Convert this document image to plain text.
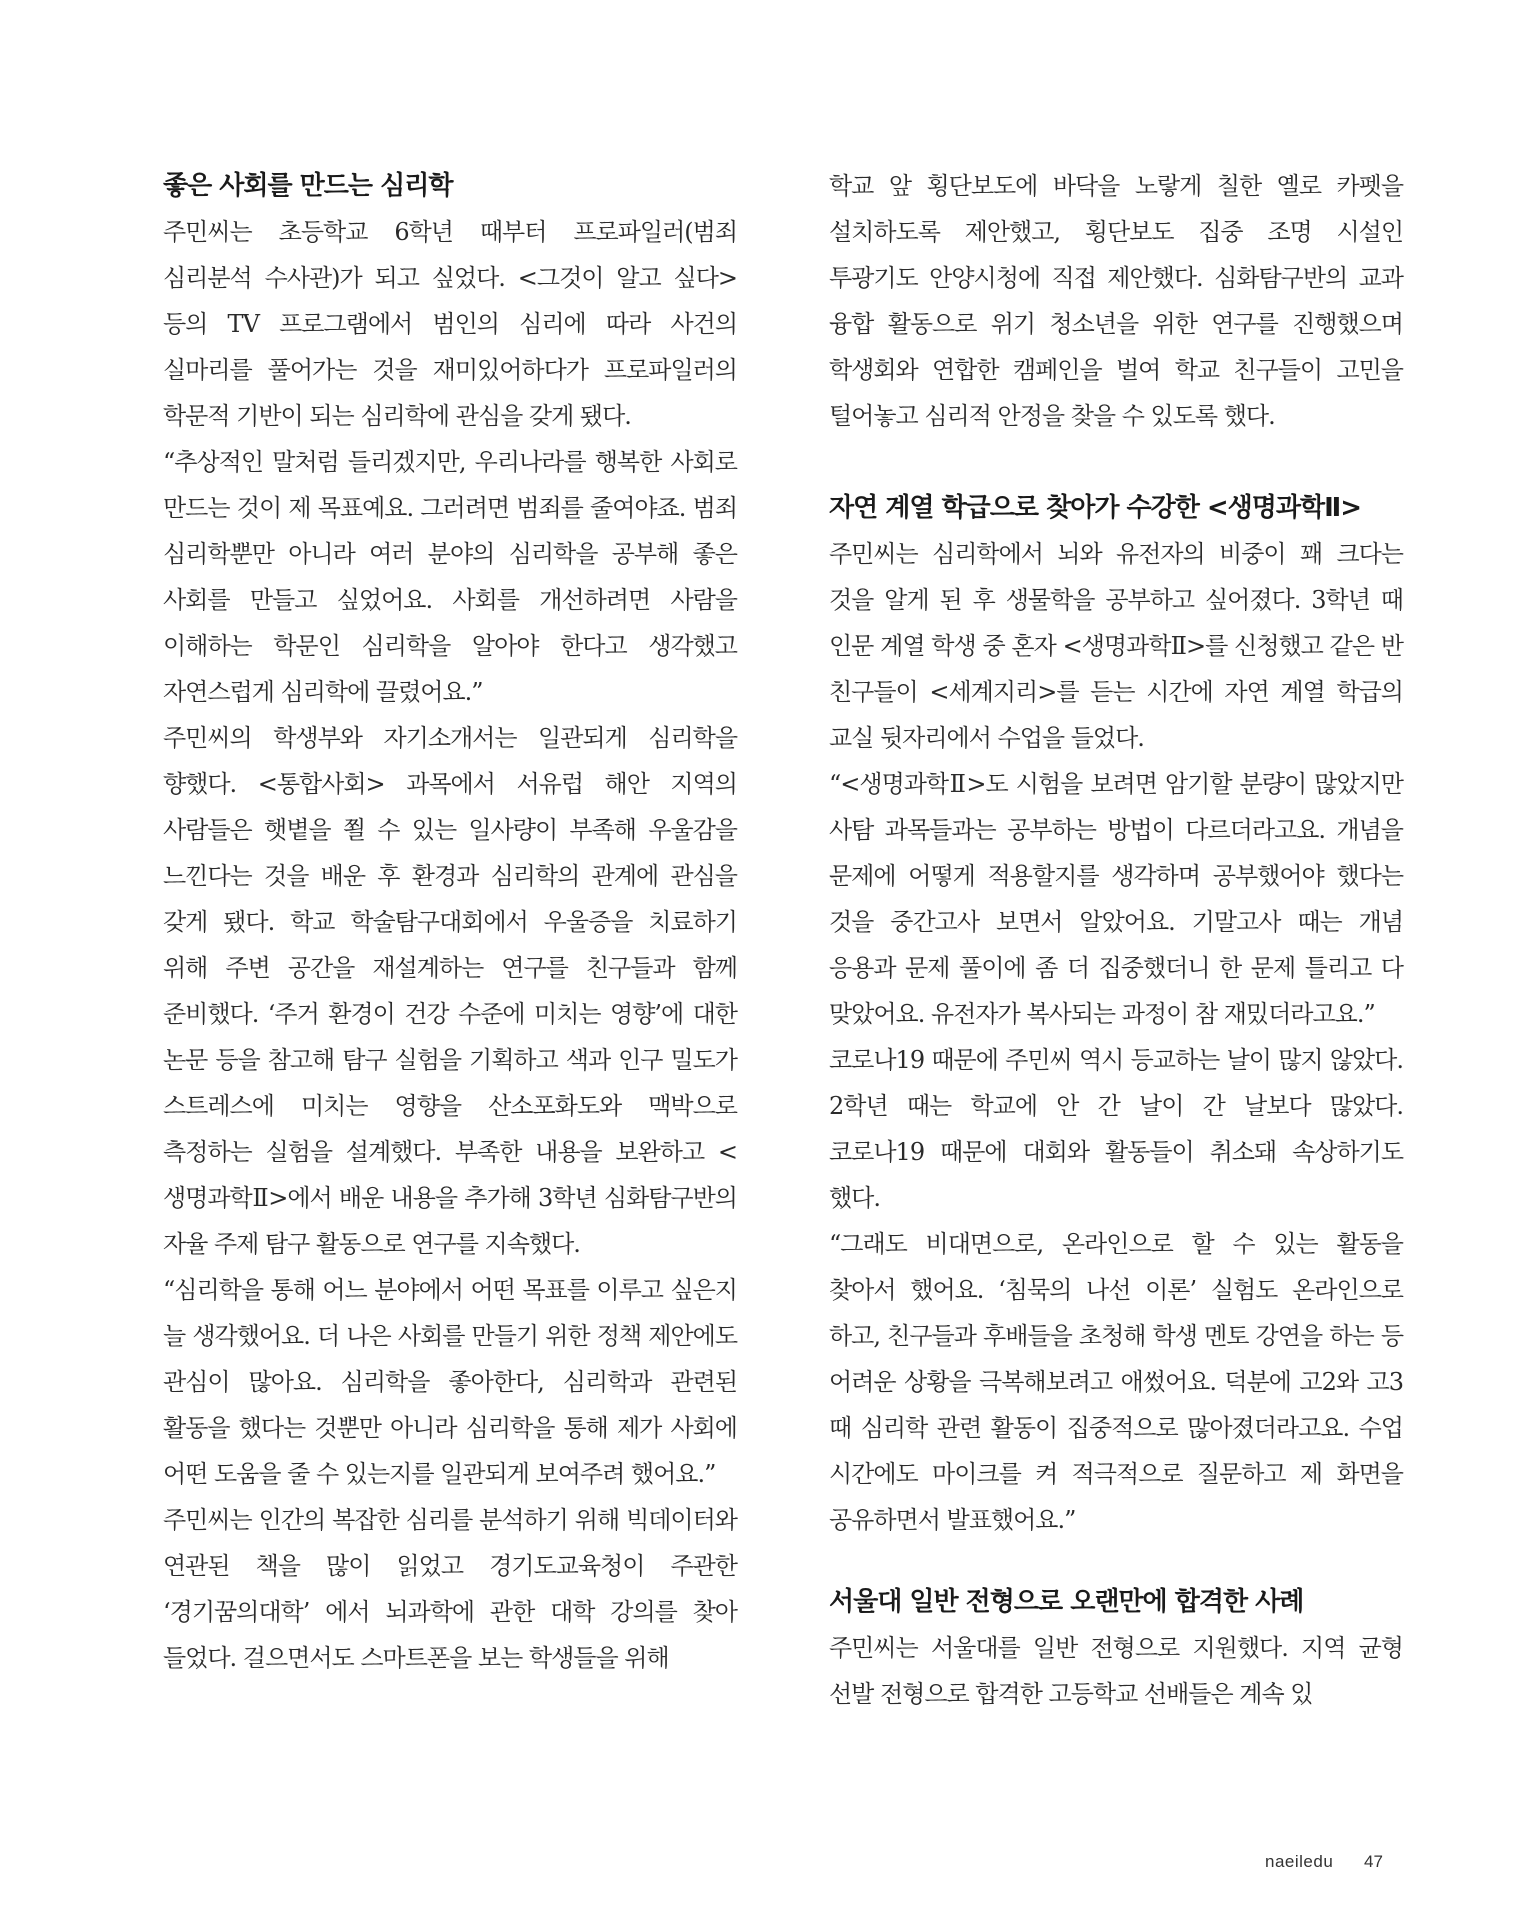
좋은 사회를 만드는 심리학

주민씨는 초등학교 6학년 때부터 프로파일러(범죄 심리분석 수사관)가 되고 싶었다. <그것이 알고 싶다> 등의 TV 프로그램에서 범인의 심리에 따라 사건의 실마리를 풀어가는 것을 재미있어하다가 프로파일러의 학문적 기반이 되는 심리학에 관심을 갖게 됐다.

“추상적인 말처럼 들리겠지만, 우리나라를 행복한 사회로 만드는 것이 제 목표예요. 그러려면 범죄를 줄여야죠. 범죄 심리학뿐만 아니라 여러 분야의 심리학을 공부해 좋은 사회를 만들고 싶었어요. 사회를 개선하려면 사람을 이해하는 학문인 심리학을 알아야 한다고 생각했고 자연스럽게 심리학에 끌렸어요.”

주민씨의 학생부와 자기소개서는 일관되게 심리학을 향했다. <통합사회> 과목에서 서유럽 해안 지역의 사람들은 햇볕을 쬘 수 있는 일사량이 부족해 우울감을 느낀다는 것을 배운 후 환경과 심리학의 관계에 관심을 갖게 됐다. 학교 학술탐구대회에서 우울증을 치료하기 위해 주변 공간을 재설계하는 연구를 친구들과 함께 준비했다. ‘주거 환경이 건강 수준에 미치는 영향’에 대한 논문 등을 참고해 탐구 실험을 기획하고 색과 인구 밀도가 스트레스에 미치는 영향을 산소포화도와 맥박으로 측정하는 실험을 설계했다. 부족한 내용을 보완하고 <생명과학Ⅱ>에서 배운 내용을 추가해 3학년 심화탐구반의 자율 주제 탐구 활동으로 연구를 지속했다.

“심리학을 통해 어느 분야에서 어떤 목표를 이루고 싶은지 늘 생각했어요. 더 나은 사회를 만들기 위한 정책 제안에도 관심이 많아요. 심리학을 좋아한다, 심리학과 관련된 활동을 했다는 것뿐만 아니라 심리학을 통해 제가 사회에 어떤 도움을 줄 수 있는지를 일관되게 보여주려 했어요.”

주민씨는 인간의 복잡한 심리를 분석하기 위해 빅데이터와 연관된 책을 많이 읽었고 경기도교육청이 주관한 ‘경기꿈의대학’ 에서 뇌과학에 관한 대학 강의를 찾아 들었다. 걸으면서도 스마트폰을 보는 학생들을 위해

학교 앞 횡단보도에 바닥을 노랗게 칠한 옐로 카펫을 설치하도록 제안했고, 횡단보도 집중 조명 시설인 투광기도 안양시청에 직접 제안했다. 심화탐구반의 교과 융합 활동으로 위기 청소년을 위한 연구를 진행했으며 학생회와 연합한 캠페인을 벌여 학교 친구들이 고민을 털어놓고 심리적 안정을 찾을 수 있도록 했다.

자연 계열 학급으로 찾아가 수강한 <생명과학Ⅱ>

주민씨는 심리학에서 뇌와 유전자의 비중이 꽤 크다는 것을 알게 된 후 생물학을 공부하고 싶어졌다. 3학년 때 인문 계열 학생 중 혼자 <생명과학Ⅱ>를 신청했고 같은 반 친구들이 <세계지리>를 듣는 시간에 자연 계열 학급의 교실 뒷자리에서 수업을 들었다.

“<생명과학Ⅱ>도 시험을 보려면 암기할 분량이 많았지만 사탐 과목들과는 공부하는 방법이 다르더라고요. 개념을 문제에 어떻게 적용할지를 생각하며 공부했어야 했다는 것을 중간고사 보면서 알았어요. 기말고사 때는 개념 응용과 문제 풀이에 좀 더 집중했더니 한 문제 틀리고 다 맞았어요. 유전자가 복사되는 과정이 참 재밌더라고요.”

코로나19 때문에 주민씨 역시 등교하는 날이 많지 않았다. 2학년 때는 학교에 안 간 날이 간 날보다 많았다. 코로나19 때문에 대회와 활동들이 취소돼 속상하기도 했다.

“그래도 비대면으로, 온라인으로 할 수 있는 활동을 찾아서 했어요. ‘침묵의 나선 이론’ 실험도 온라인으로 하고, 친구들과 후배들을 초청해 학생 멘토 강연을 하는 등 어려운 상황을 극복해보려고 애썼어요. 덕분에 고2와 고3 때 심리학 관련 활동이 집중적으로 많아졌더라고요. 수업 시간에도 마이크를 켜 적극적으로 질문하고 제 화면을 공유하면서 발표했어요.”

서울대 일반 전형으로 오랜만에 합격한 사례

주민씨는 서울대를 일반 전형으로 지원했다. 지역 균형 선발 전형으로 합격한 고등학교 선배들은 계속 있

naeiledu 47
